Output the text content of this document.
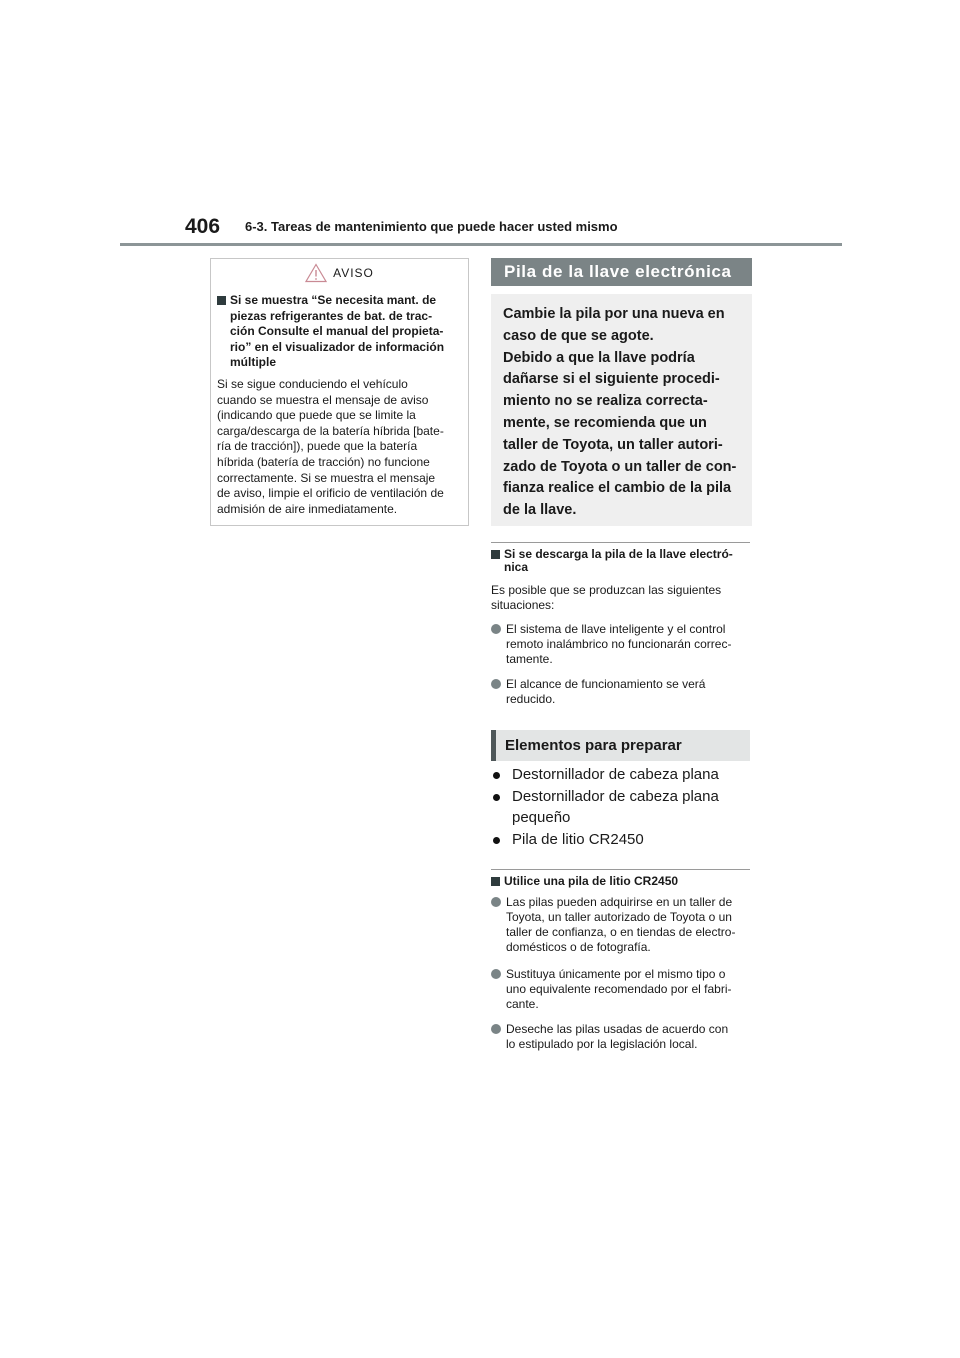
406 6-3. Tareas de mantenimiento que puede hacer usted mismo
AVISO
Si se muestra “Se necesita mant. de
piezas refrigerantes de bat. de trac-
ción Consulte el manual del propieta-
rio” en el visualizador de información
múltiple
Si se sigue conduciendo el vehículo
cuando se muestra el mensaje de aviso
(indicando que puede que se limite la
carga/descarga de la batería híbrida [bate-
ría de tracción]), puede que la batería
híbrida (batería de tracción) no funcione
correctamente. Si se muestra el mensaje
de aviso, limpie el orificio de ventilación de
admisión de aire inmediatamente.
Pila de la llave electrónica
Cambie la pila por una nueva en
caso de que se agote.
Debido a que la llave podría
dañarse si el siguiente procedi-
miento no se realiza correcta-
mente, se recomienda que un
taller de Toyota, un taller autori-
zado de Toyota o un taller de con-
fianza realice el cambio de la pila
de la llave.
Si se descarga la pila de la llave electró-
nica
Es posible que se produzcan las siguientes
situaciones:
El sistema de llave inteligente y el control
remoto inalámbrico no funcionarán correc-
tamente.
El alcance de funcionamiento se verá
reducido.
Elementos para preparar
Destornillador de cabeza plana
Destornillador de cabeza plana
pequeño
Pila de litio CR2450
Utilice una pila de litio CR2450
Las pilas pueden adquirirse en un taller de
Toyota, un taller autorizado de Toyota o un
taller de confianza, o en tiendas de electro-
domésticos o de fotografía.
Sustituya únicamente por el mismo tipo o
uno equivalente recomendado por el fabri-
cante.
Deseche las pilas usadas de acuerdo con
lo estipulado por la legislación local.
